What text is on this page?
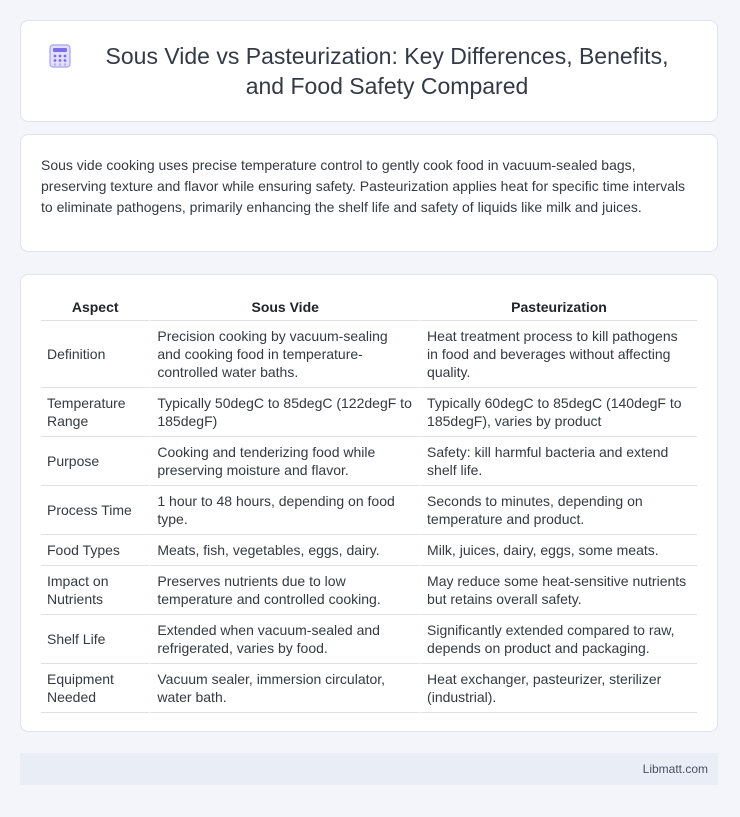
Sous Vide vs Pasteurization: Key Differences, Benefits, and Food Safety Compared
Sous vide cooking uses precise temperature control to gently cook food in vacuum-sealed bags, preserving texture and flavor while ensuring safety. Pasteurization applies heat for specific time intervals to eliminate pathogens, primarily enhancing the shelf life and safety of liquids like milk and juices.
Aspect	Sous Vide	Pasteurization
Definition	Precision cooking by vacuum-sealing and cooking food in temperature-controlled water baths.	Heat treatment process to kill pathogens in food and beverages without affecting quality.
Temperature Range	Typically 50degC to 85degC (122degF to 185degF)	Typically 60degC to 85degC (140degF to 185degF), varies by product
Purpose	Cooking and tenderizing food while preserving moisture and flavor.	Safety: kill harmful bacteria and extend shelf life.
Process Time	1 hour to 48 hours, depending on food type.	Seconds to minutes, depending on temperature and product.
Food Types	Meats, fish, vegetables, eggs, dairy.	Milk, juices, dairy, eggs, some meats.
Impact on Nutrients	Preserves nutrients due to low temperature and controlled cooking.	May reduce some heat-sensitive nutrients but retains overall safety.
Shelf Life	Extended when vacuum-sealed and refrigerated, varies by food.	Significantly extended compared to raw, depends on product and packaging.
Equipment Needed	Vacuum sealer, immersion circulator, water bath.	Heat exchanger, pasteurizer, sterilizer (industrial).
Libmatt.com
